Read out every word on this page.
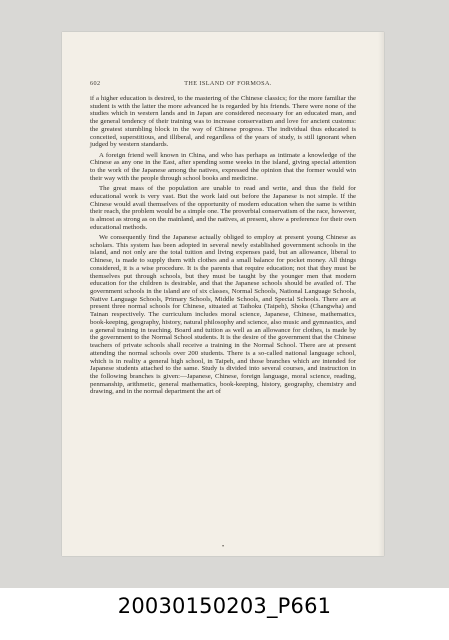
602	THE ISLAND OF FORMOSA.

if a higher education is desired, to the mastering of the Chinese classics; for the more familiar the student is with the latter the more advanced he is regarded by his friends. There were none of the studies which in western lands and in Japan are considered necessary for an educated man, and the general tendency of their training was to increase conservatism and love for ancient customs: the greatest stumbling block in the way of Chinese progress. The individual thus educated is conceited, superstitious, and illiberal, and regardless of the years of study, is still ignorant when judged by western standards.

A foreign friend well known in China, and who has perhaps as intimate a knowledge of the Chinese as any one in the East, after spending some weeks in the island, giving special attention to the work of the Japanese among the natives, expressed the opinion that the former would win their way with the people through school books and medicine.

The great mass of the population are unable to read and write, and thus the field for educational work is very vast. But the work laid out before the Japanese is not simple. If the Chinese would avail themselves of the opportunity of modern education when the same is within their reach, the problem would be a simple one. The proverbial conservatism of the race, however, is almost as strong as on the mainland, and the natives, at present, show a preference for their own educational methods.

We consequently find the Japanese actually obliged to employ at present young Chinese as scholars. This system has been adopted in several newly established government schools in the island, and not only are the total tuition and living expenses paid, but an allowance, liberal to Chinese, is made to supply them with clothes and a small balance for pocket money. All things considered, it is a wise procedure. It is the parents that require education; not that they must be themselves put through schools, but they must be taught by the younger men that modern education for the children is desirable, and that the Japanese schools should be availed of. The government schools in the island are of six classes, Normal Schools, National Language Schools, Native Language Schools, Primary Schools, Middle Schools, and Special Schools. There are at present three normal schools for Chinese, situated at Taihoku (Taipeh), Shoka (Changwha) and Tainan respectively. The curriculum includes moral science, Japanese, Chinese, mathematics, book-keeping, geography, history, natural philosophy and science, also music and gymnastics, and a general training in teaching. Board and tuition as well as an allowance for clothes, is made by the government to the Normal School students. It is the desire of the government that the Chinese teachers of private schools shall receive a training in the Normal School. There are at present attending the normal schools over 200 students. There is a so-called national language school, which is in reality a general high school, in Taipeh, and those branches which are intended for Japanese students attached to the same. Study is divided into several courses, and instruction in the following branches is given:—Japanese, Chinese, foreign language, moral science, reading, penmanship, arithmetic, general mathematics, book-keeping, history, geography, chemistry and drawing, and in the normal department the art of

•
20030150203_P661
